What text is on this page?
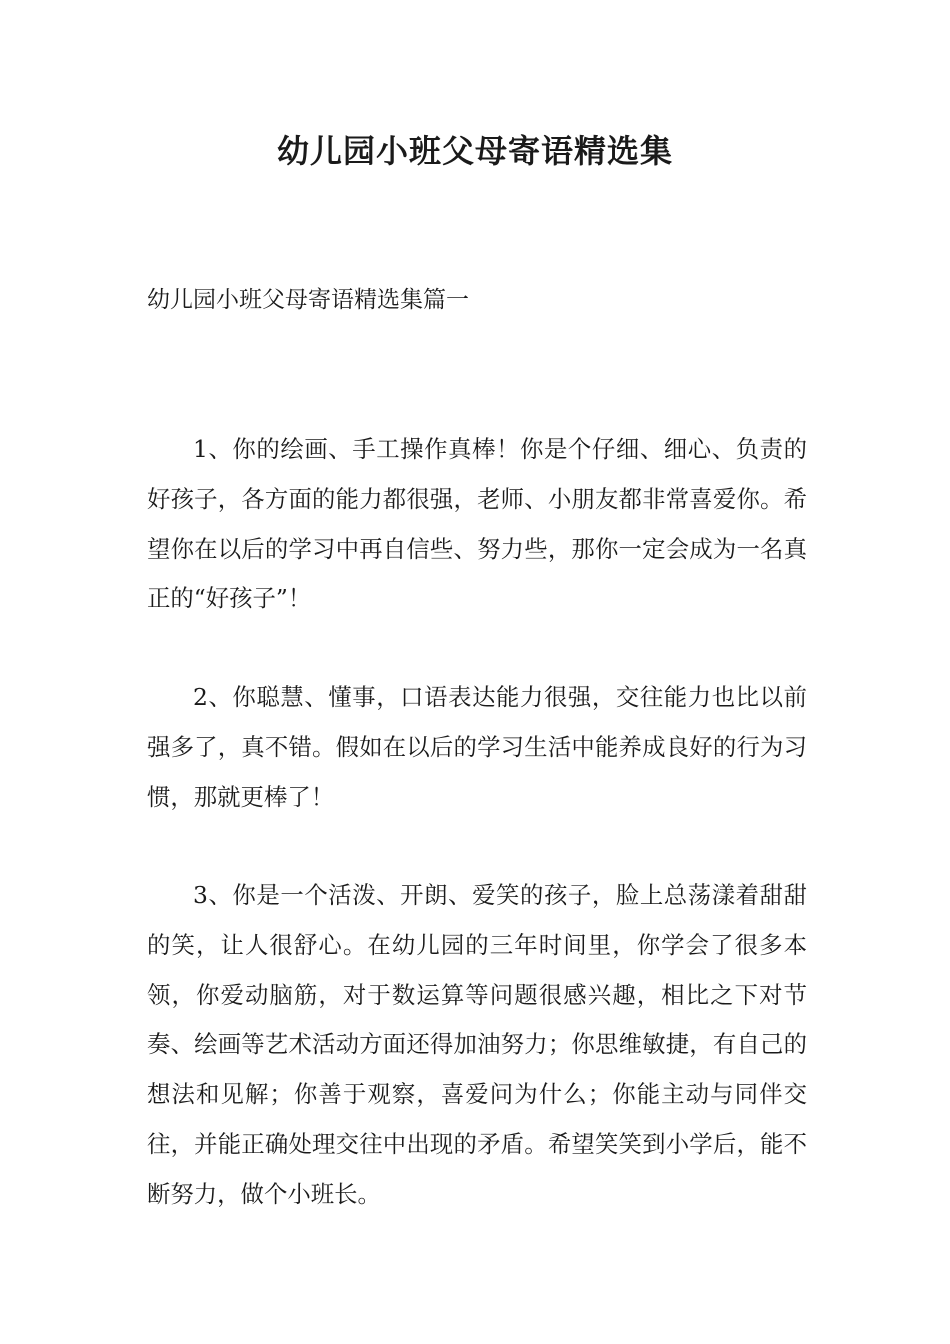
幼儿园小班父母寄语精选集
幼儿园小班父母寄语精选集篇一

1、你的绘画、手工操作真棒！你是个仔细、细心、负责的好孩子，各方面的能力都很强，老师、小朋友都非常喜爱你。希望你在以后的学习中再自信些、努力些，那你一定会成为一名真正的“好孩子”！

2、你聪慧、懂事，口语表达能力很强，交往能力也比以前强多了，真不错。假如在以后的学习生活中能养成良好的行为习惯，那就更棒了！

3、你是一个活泼、开朗、爱笑的孩子，脸上总荡漾着甜甜的笑，让人很舒心。在幼儿园的三年时间里，你学会了很多本领，你爱动脑筋，对于数运算等问题很感兴趣，相比之下对节奏、绘画等艺术活动方面还得加油努力；你思维敏捷，有自己的想法和见解；你善于观察，喜爱问为什么；你能主动与同伴交往，并能正确处理交往中出现的矛盾。希望笑笑到小学后，能不断努力，做个小班长。
